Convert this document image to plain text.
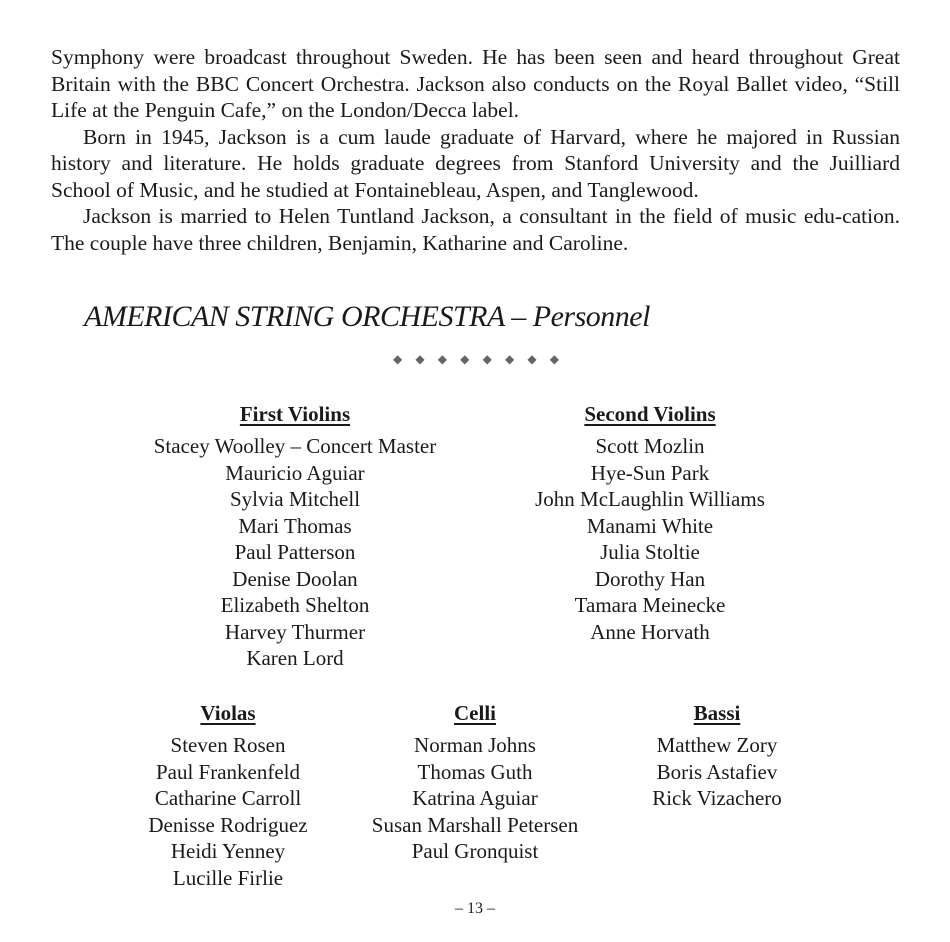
Symphony were broadcast throughout Sweden. He has been seen and heard throughout Great Britain with the BBC Concert Orchestra. Jackson also conducts on the Royal Ballet video, “Still Life at the Penguin Cafe,” on the London/Decca label.

Born in 1945, Jackson is a cum laude graduate of Harvard, where he majored in Russian history and literature. He holds graduate degrees from Stanford University and the Juilliard School of Music, and he studied at Fontainebleau, Aspen, and Tanglewood.

Jackson is married to Helen Tuntland Jackson, a consultant in the field of music edu-cation. The couple have three children, Benjamin, Katharine and Caroline.

AMERICAN STRING ORCHESTRA – Personnel
◆ ◆ ◆ ◆ ◆ ◆ ◆ ◆
First Violins
Stacey Woolley – Concert Master
Mauricio Aguiar
Sylvia Mitchell
Mari Thomas
Paul Patterson
Denise Doolan
Elizabeth Shelton
Harvey Thurmer
Karen Lord
Second Violins
Scott Mozlin
Hye-Sun Park
John McLaughlin Williams
Manami White
Julia Stoltie
Dorothy Han
Tamara Meinecke
Anne Horvath
Violas
Steven Rosen
Paul Frankenfeld
Catharine Carroll
Denisse Rodriguez
Heidi Yenney
Lucille Firlie
Celli
Norman Johns
Thomas Guth
Katrina Aguiar
Susan Marshall Petersen
Paul Gronquist
Bassi
Matthew Zory
Boris Astafiev
Rick Vizachero
– 13 –
